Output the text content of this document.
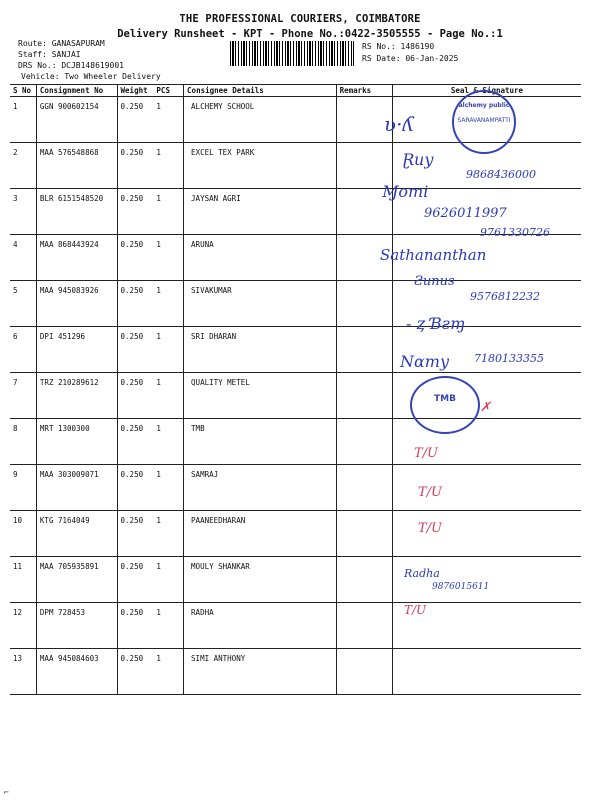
THE PROFESSIONAL COURIERS, COIMBATORE
Delivery Runsheet - KPT - Phone No.:0422-3505555 - Page No.:1
Route: GANASAPURAM
Staff: SANJAI
DRS No.: DCJB148619001
Vehicle: Two Wheeler Delivery
RS No.: 1486190
RS Date: 06-Jan-2025
S No	Consignment No	Weight	PCS	Consignee Details	Remarks	Seal & Signature
1	GGN 900602154	0.250	1	ALCHEMY SCHOOL		
2	MAA 576548868	0.250	1	EXCEL TEX PARK		
3	BLR 6151548520	0.250	1	JAYSAN AGRI		
4	MAA 868443924	0.250	1	ARUNA		
5	MAA 945083926	0.250	1	SIVAKUMAR		
6	DPI 451296	0.250	1	SRI DHARAN		
7	TRZ 210289612	0.250	1	QUALITY METEL		
8	MRT 1300300	0.250	1	TMB		
9	MAA 303009071	0.250	1	SAMRAJ		
10	KTG 7164049	0.250	1	PAANEEDHARAN		
11	MAA 705935891	0.250	1	MOULY SHANKAR		
12	DPM 728453	0.250	1	RADHA		
13	MAA 945084603	0.250	1	SIMI ANTHONY		
alchemy public
SARAVANAMPATTI
ʋ·ʎ
Ɽuy
9868436000
Ɱomi
9626011997
9761330726
Sathananthan
Ƨunus
9576812232
- ȥ Ɓƨɱ
Nɑmy 7180133355
TMB
✗
T/U
T/U
T/U
Radha
9876015611
T/U
⌐
